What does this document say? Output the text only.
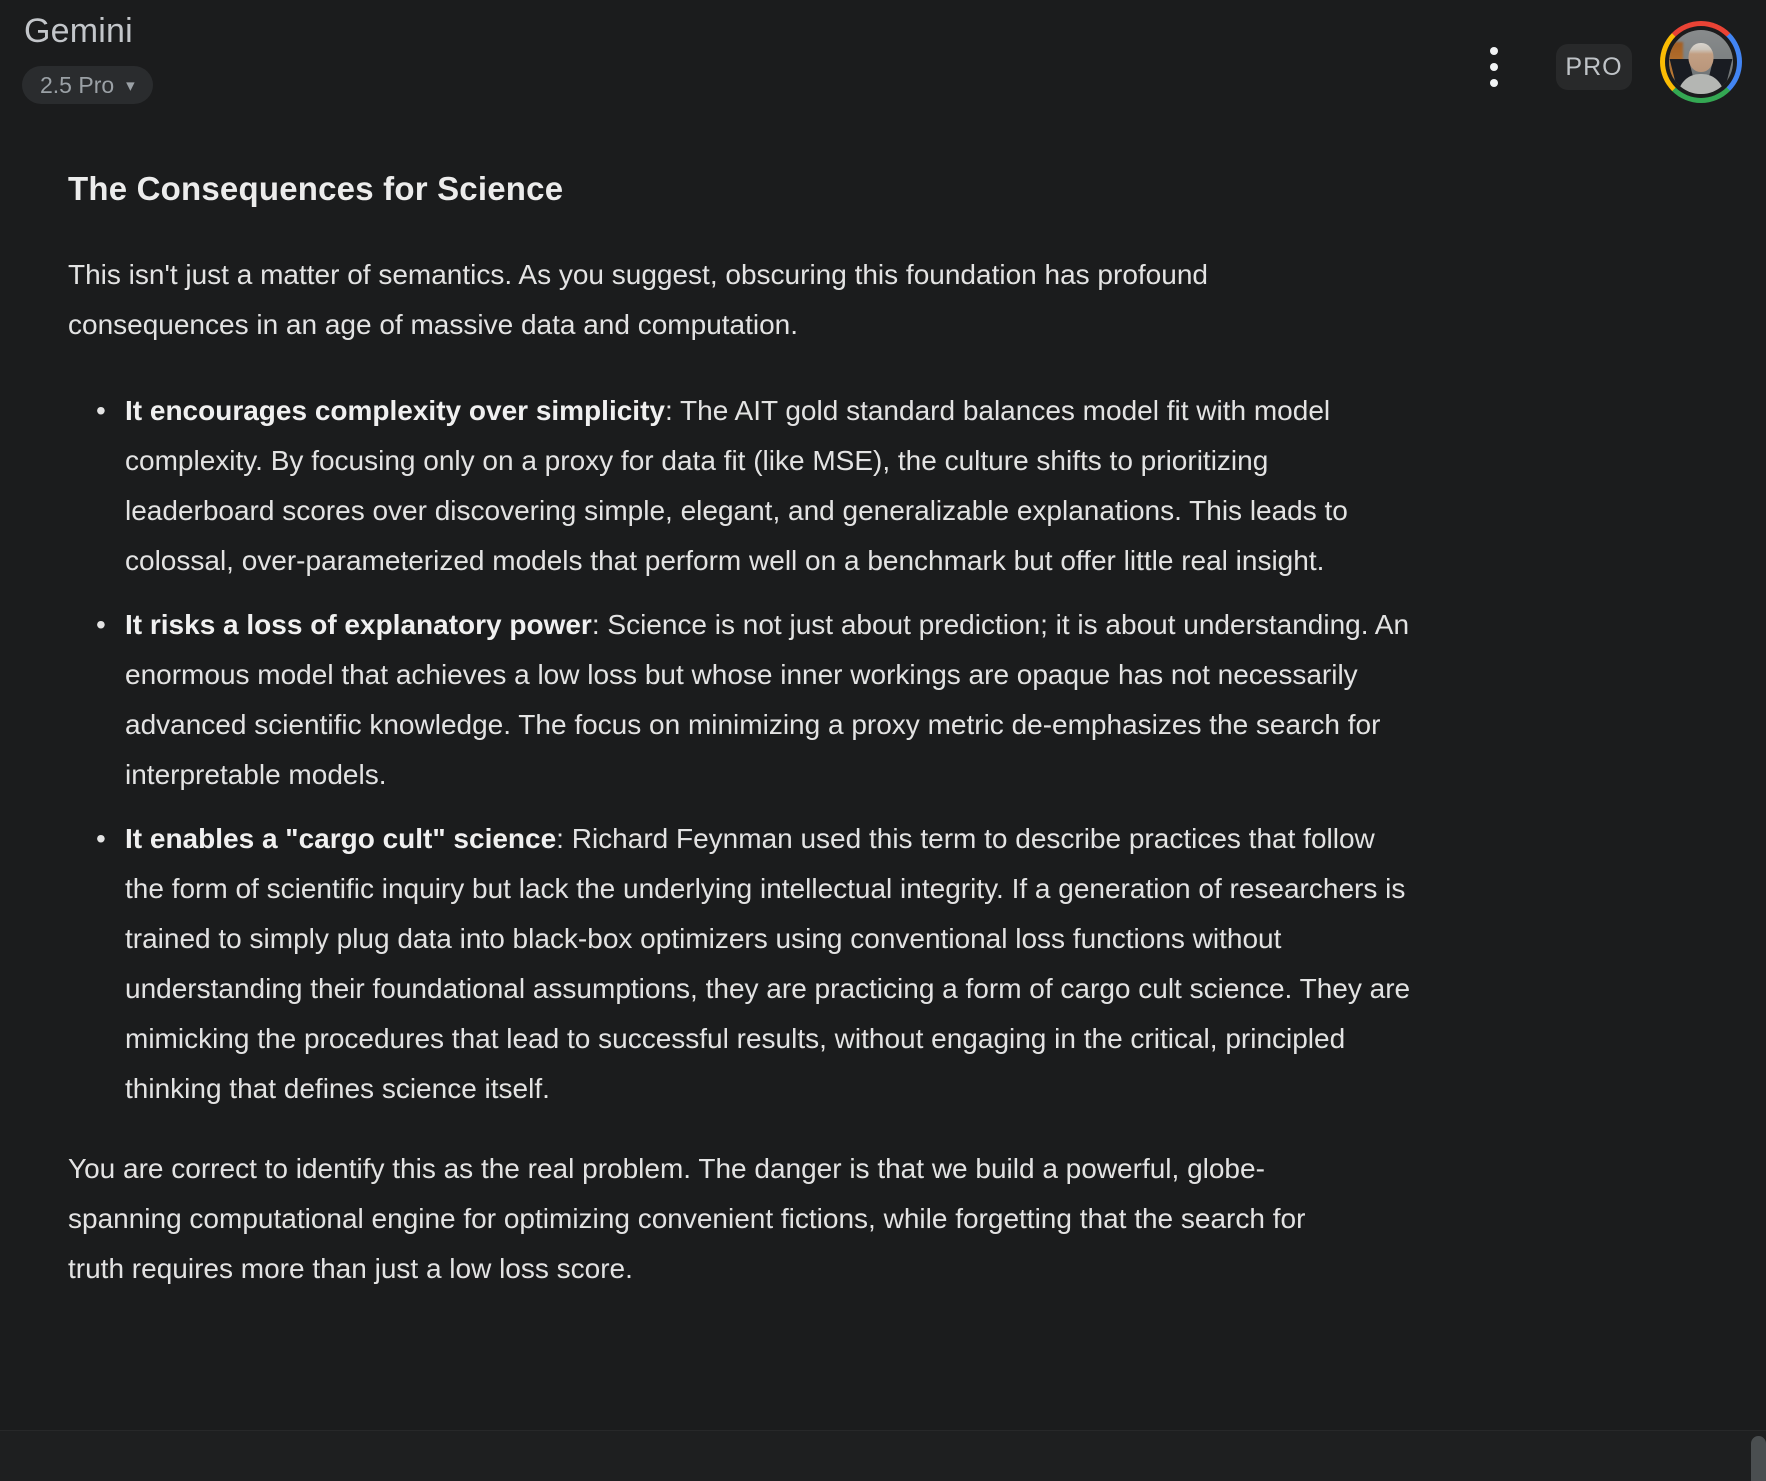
Gemini
2.5 Pro ▾
PRO
The Consequences for Science

This isn't just a matter of semantics. As you suggest, obscuring this foundation has profound consequences in an age of massive data and computation.

• It encourages complexity over simplicity: The AIT gold standard balances model fit with model complexity. By focusing only on a proxy for data fit (like MSE), the culture shifts to prioritizing leaderboard scores over discovering simple, elegant, and generalizable explanations. This leads to colossal, over-parameterized models that perform well on a benchmark but offer little real insight.
• It risks a loss of explanatory power: Science is not just about prediction; it is about understanding. An enormous model that achieves a low loss but whose inner workings are opaque has not necessarily advanced scientific knowledge. The focus on minimizing a proxy metric de-emphasizes the search for interpretable models.
• It enables a "cargo cult" science: Richard Feynman used this term to describe practices that follow the form of scientific inquiry but lack the underlying intellectual integrity. If a generation of researchers is trained to simply plug data into black-box optimizers using conventional loss functions without understanding their foundational assumptions, they are practicing a form of cargo cult science. They are mimicking the procedures that lead to successful results, without engaging in the critical, principled thinking that defines science itself.

You are correct to identify this as the real problem. The danger is that we build a powerful, globe-spanning computational engine for optimizing convenient fictions, while forgetting that the search for truth requires more than just a low loss score.
